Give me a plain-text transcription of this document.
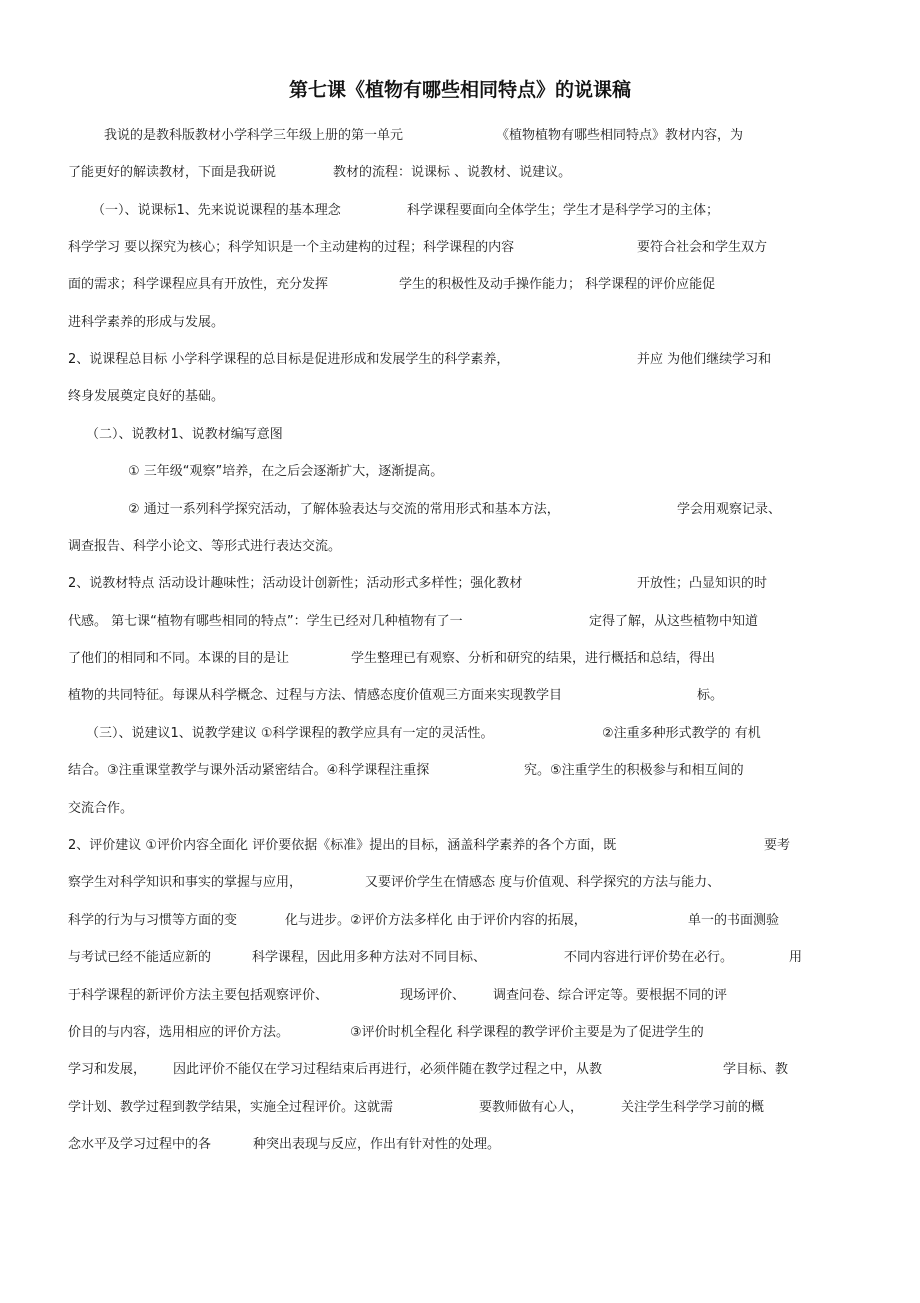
第七课《植物有哪些相同特点》的说课稿
我说的是教科版教材小学科学三年级上册的第一单元	《植物植物有哪些相同特点》教材内容，为
了能更好的解读教材，下面是我研说	教材的流程：说课标 、说教材、说建议。
（一）、说课标1、先来说说课程的基本理念	科学课程要面向全体学生；学生才是科学学习的主体；
科学学习 要以探究为核心；科学知识是一个主动建构的过程；科学课程的内容	要符合社会和学生双方
面的需求；科学课程应具有开放性，充分发挥	学生的积极性及动手操作能力； 科学课程的评价应能促
进科学素养的形成与发展。
2、说课程总目标 小学科学课程的总目标是促进形成和发展学生的科学素养，	并应 为他们继续学习和
终身发展奠定良好的基础。
（二）、说教材1、说教材编写意图
① 三年级“观察”培养，在之后会逐渐扩大，逐渐提高。
② 通过一系列科学探究活动，了解体验表达与交流的常用形式和基本方法，	学会用观察记录、
调查报告、科学小论文、等形式进行表达交流。
2、说教材特点 活动设计趣味性；活动设计创新性；活动形式多样性；强化教材	开放性；凸显知识的时
代感。 第七课“植物有哪些相同的特点”：学生已经对几种植物有了一	定得了解，从这些植物中知道
了他们的相同和不同。本课的目的是让	学生整理已有观察、分析和研究的结果，进行概括和总结，得出
植物的共同特征。每课从科学概念、过程与方法、情感态度价值观三方面来实现教学目	标。
（三）、说建议1、说教学建议 ①科学课程的教学应具有一定的灵活性。	②注重多种形式教学的 有机
结合。③注重课堂教学与课外活动紧密结合。④科学课程注重探	究。⑤注重学生的积极参与和相互间的
交流合作。
2、评价建议 ①评价内容全面化 评价要依据《标准》提出的目标，涵盖科学素养的各个方面，既	要考
察学生对科学知识和事实的掌握与应用，	又要评价学生在情感态 度与价值观、科学探究的方法与能力、
科学的行为与习惯等方面的变	化与进步。②评价方法多样化 由于评价内容的拓展，	单一的书面测验
与考试已经不能适应新的	科学课程，因此用多种方法对不同目标、	不同内容进行评价势在必行。	用
于科学课程的新评价方法主要包括观察评价、	现场评价、 调查问卷、综合评定等。要根据不同的评
价目的与内容，选用相应的评价方法。	③评价时机全程化 科学课程的教学评价主要是为了促进学生的
学习和发展， 因此评价不能仅在学习过程结束后再进行，必须伴随在教学过程之中，从教	学目标、教
学计划、教学过程到教学结果，实施全过程评价。这就需	要教师做有心人，	关注学生科学学习前的概
念水平及学习过程中的各	种突出表现与反应，作出有针对性的处理。
